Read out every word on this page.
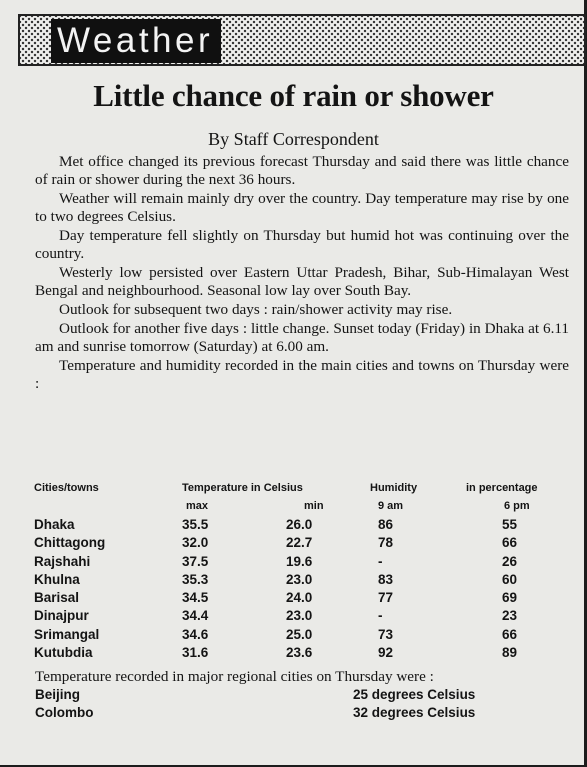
Weather
Little chance of rain or shower
By Staff Correspondent

Met office changed its previous forecast Thursday and said there was little chance of rain or shower during the next 36 hours.

Weather will remain mainly dry over the country. Day temperature may rise by one to two degrees Celsius.

Day temperature fell slightly on Thursday but humid hot was continuing over the country.

Westerly low persisted over Eastern Uttar Pradesh, Bihar, Sub-Himalayan West Bengal and neighbourhood. Seasonal low lay over South Bay.

Outlook for subsequent two days : rain/shower activity may rise.

Outlook for another five days : little change. Sunset today (Friday) in Dhaka at 6.11 am and sunrise tomorrow (Saturday) at 6.00 am.

Temperature and humidity recorded in the main cities and towns on Thursday were :

Cities/towns	Temperature in Celsius	Humidity	in percentage
max	min	9 am	6 pm
Dhaka	35.5	26.0	86	55
Chittagong	32.0	22.7	78	66
Rajshahi	37.5	19.6	-	26
Khulna	35.3	23.0	83	60
Barisal	34.5	24.0	77	69
Dinajpur	34.4	23.0	-	23
Srimangal	34.6	25.0	73	66
Kutubdia	31.6	23.6	92	89

Temperature recorded in major regional cities on Thursday were :

Beijing	25 degrees Celsius
Colombo	32 degrees Celsius
